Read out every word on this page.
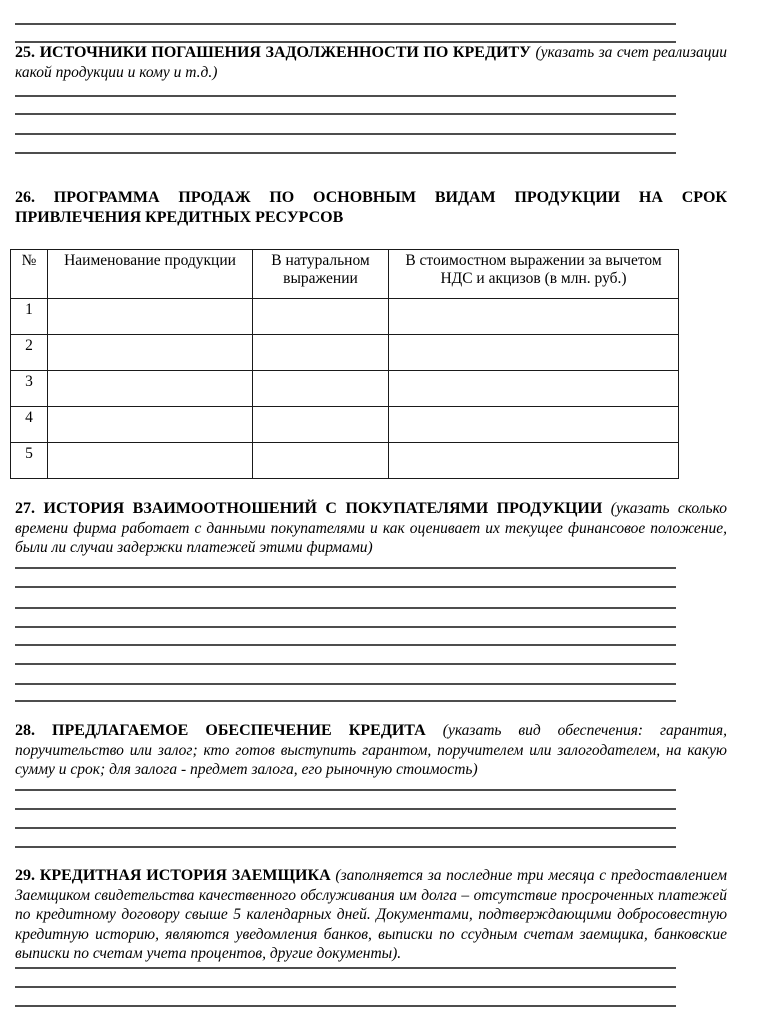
25. ИСТОЧНИКИ ПОГАШЕНИЯ ЗАДОЛЖЕННОСТИ ПО КРЕДИТУ (указать за счет реализации какой продукции и кому и т.д.)

26. ПРОГРАММА ПРОДАЖ ПО ОСНОВНЫМ ВИДАМ ПРОДУКЦИИ НА СРОК
ПРИВЛЕЧЕНИЯ КРЕДИТНЫХ РЕСУРСОВ
№	Наименование продукции	В натуральном выражении	В стоимостном выражении за вычетом НДС и акцизов (в млн. руб.)
1			
2			
3			
4			
5			

27. ИСТОРИЯ ВЗАИМООТНОШЕНИЙ С ПОКУПАТЕЛЯМИ ПРОДУКЦИИ (указать сколько времени фирма работает с данными покупателями и как оценивает их текущее финансовое положение, были ли случаи задержки платежей этими фирмами)

28. ПРЕДЛАГАЕМОЕ ОБЕСПЕЧЕНИЕ КРЕДИТА (указать вид обеспечения: гарантия, поручительство или залог; кто готов выступить гарантом, поручителем или залогодателем, на какую сумму и срок; для залога - предмет залога, его рыночную стоимость)

29. КРЕДИТНАЯ ИСТОРИЯ ЗАЕМЩИКА (заполняется за последние три месяца с предоставлением Заемщиком свидетельства качественного обслуживания им долга – отсутствие просроченных платежей по кредитному договору свыше 5 календарных дней. Документами, подтверждающими добросовестную кредитную историю, являются уведомления банков, выписки по ссудным счетам заемщика, банковские выписки по счетам учета процентов, другие документы).
